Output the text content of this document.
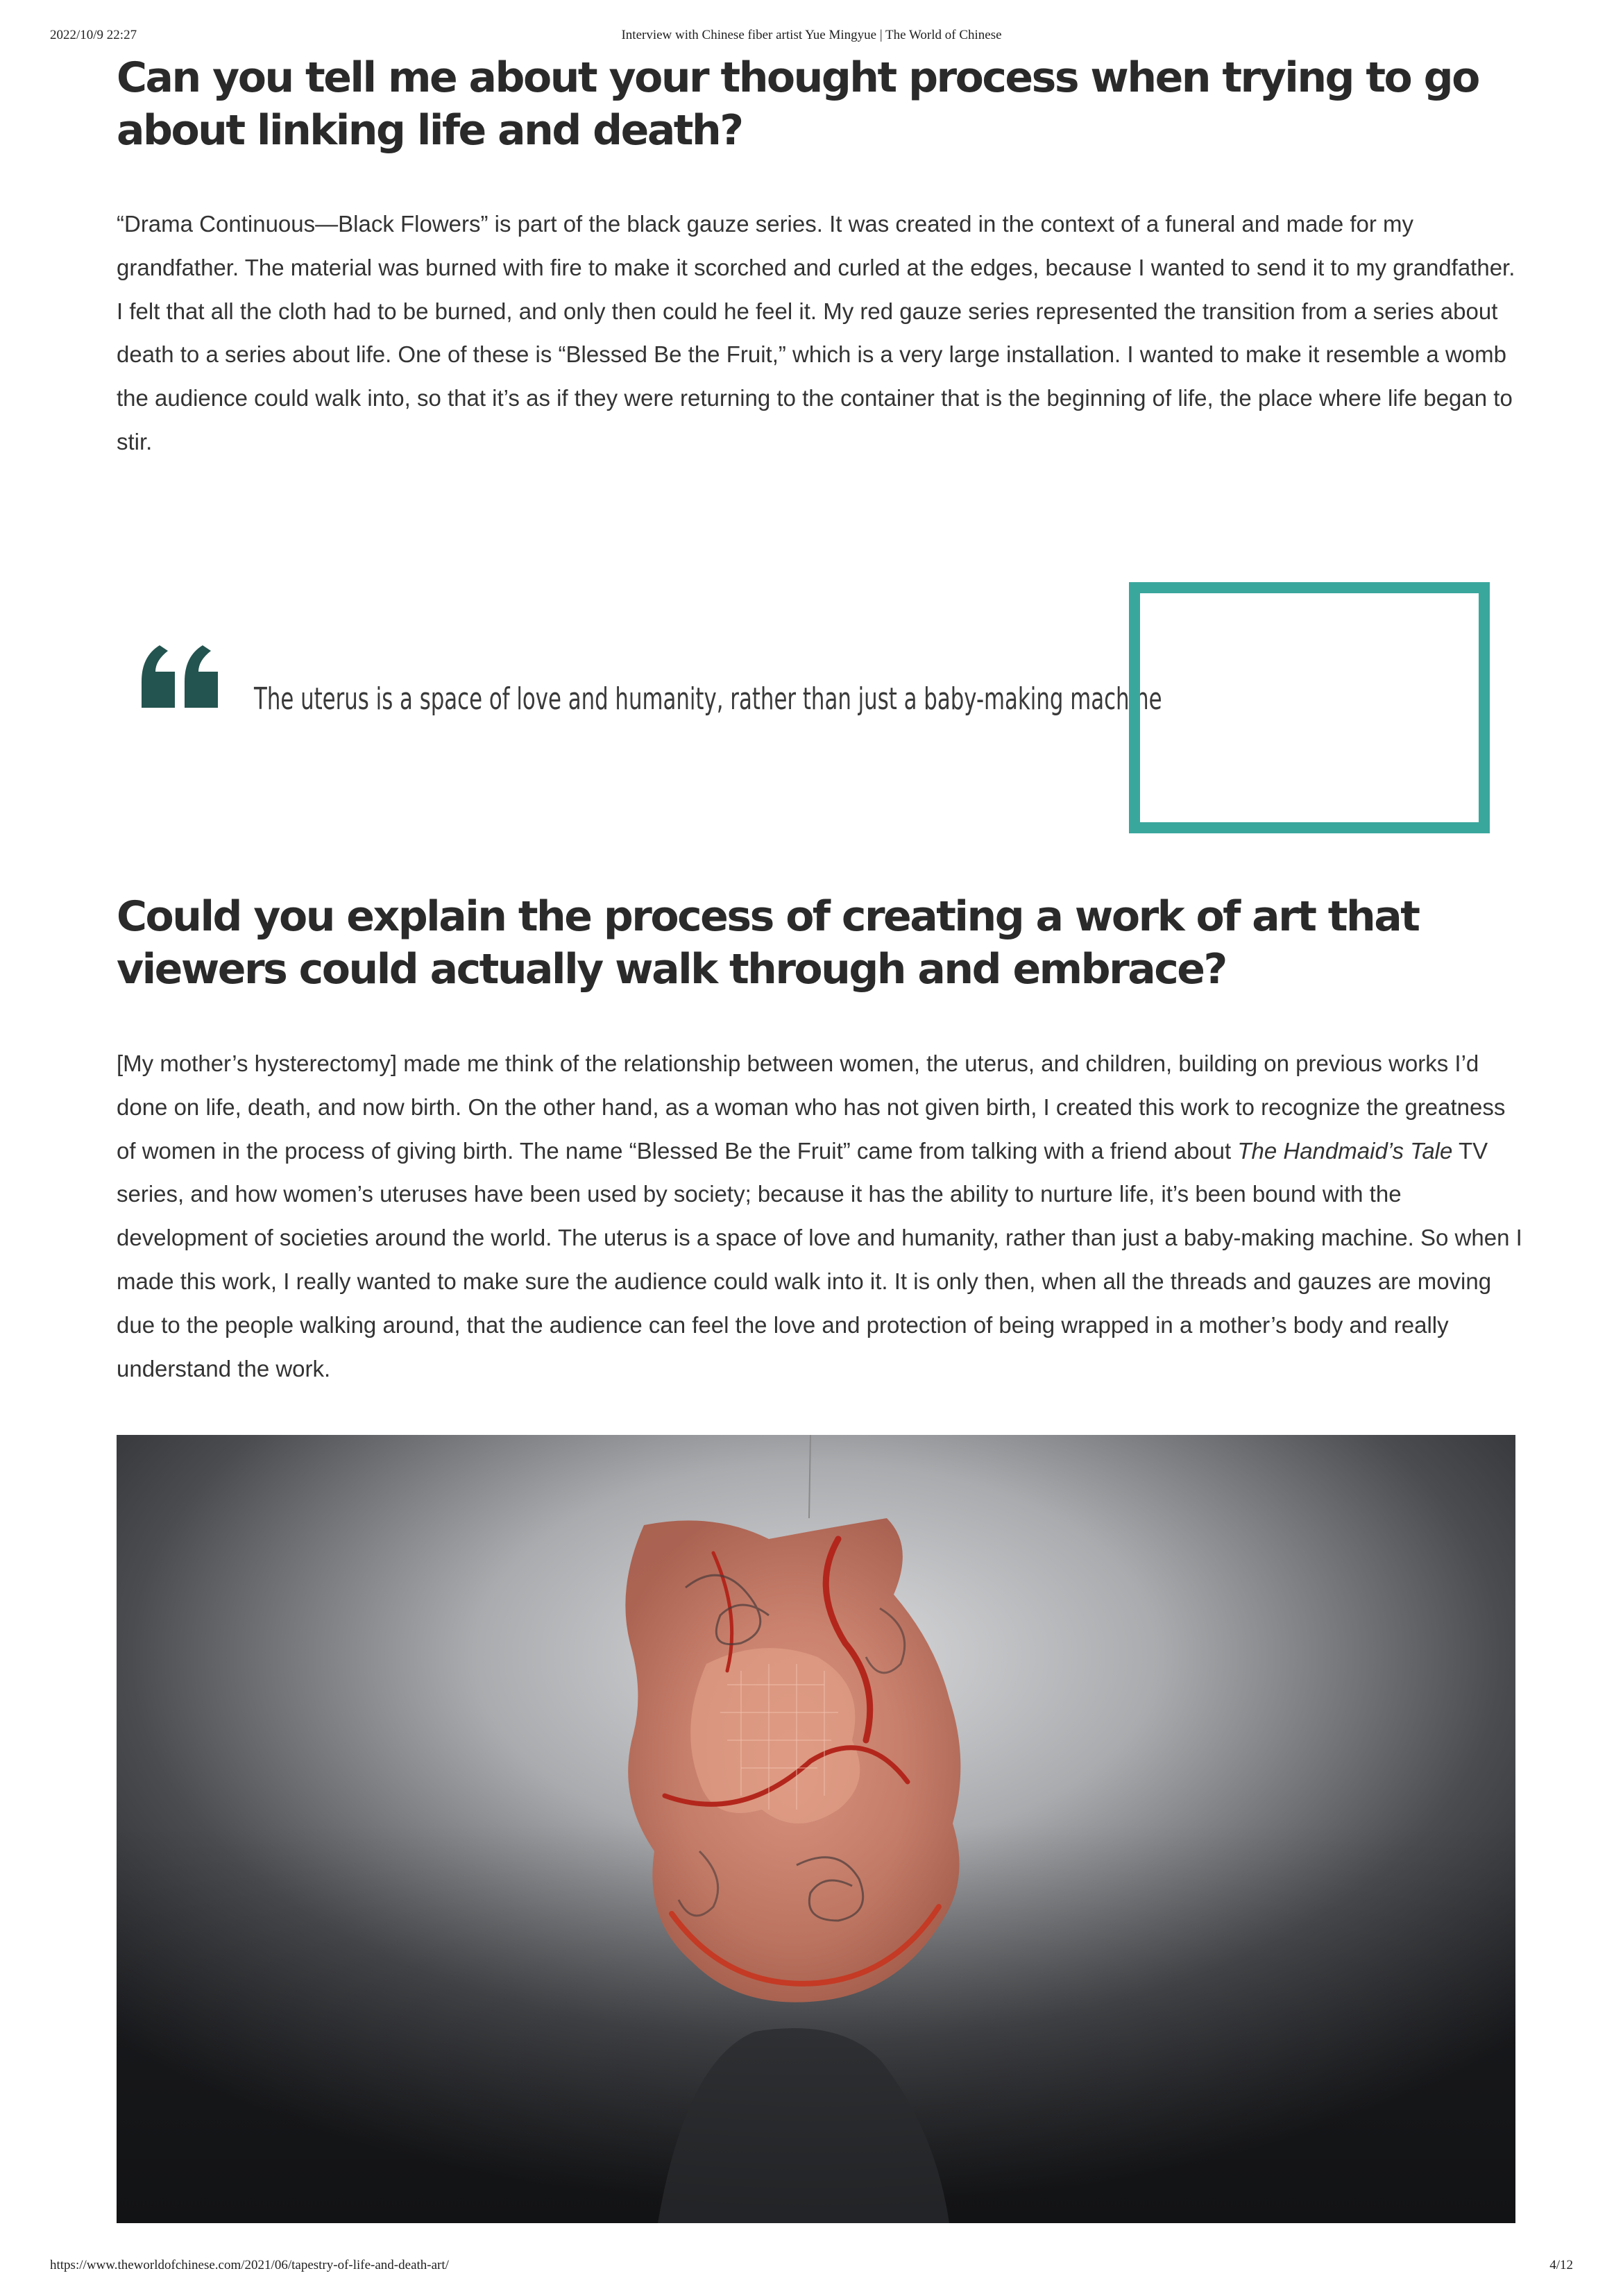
2022/10/9 22:27	Interview with Chinese fiber artist Yue Mingyue | The World of Chinese
Can you tell me about your thought process when trying to go about linking life and death?

“Drama Continuous—Black Flowers” is part of the black gauze series. It was created in the context of a funeral and made for my grandfather. The material was burned with fire to make it scorched and curled at the edges, because I wanted to send it to my grandfather. I felt that all the cloth had to be burned, and only then could he feel it. My red gauze series represented the transition from a series about death to a series about life. One of these is “Blessed Be the Fruit,” which is a very large installation. I wanted to make it resemble a womb the audience could walk into, so that it’s as if they were returning to the container that is the beginning of life, the place where life began to stir.

The uterus is a space of love and humanity, rather than just a baby-making machine

Could you explain the process of creating a work of art that viewers could actually walk through and embrace?

[My mother’s hysterectomy] made me think of the relationship between women, the uterus, and children, building on previous works I’d done on life, death, and now birth. On the other hand, as a woman who has not given birth, I created this work to recognize the greatness of women in the process of giving birth. The name “Blessed Be the Fruit” came from talking with a friend about The Handmaid’s Tale TV series, and how women’s uteruses have been used by society; because it has the ability to nurture life, it’s been bound with the development of societies around the world. The uterus is a space of love and humanity, rather than just a baby-making machine. So when I made this work, I really wanted to make sure the audience could walk into it. It is only then, when all the threads and gauzes are moving due to the people walking around, that the audience can feel the love and protection of being wrapped in a mother’s body and really understand the work.

https://www.theworldofchinese.com/2021/06/tapestry-of-life-and-death-art/	4/12
